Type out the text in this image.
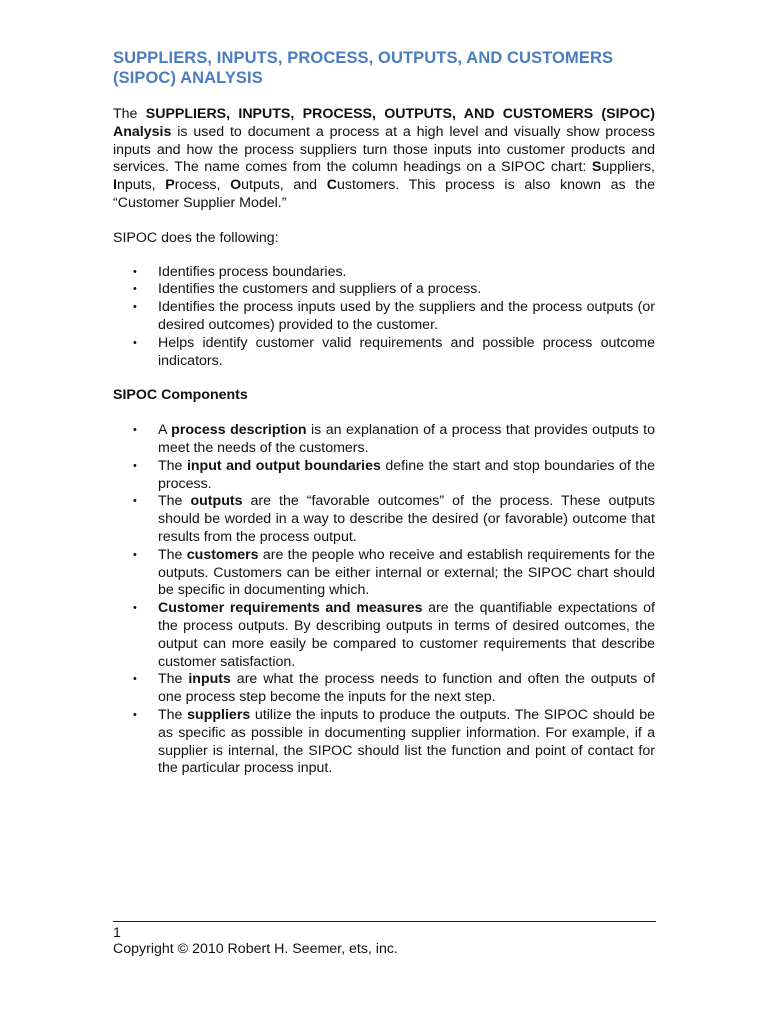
SUPPLIERS, INPUTS, PROCESS, OUTPUTS, AND CUSTOMERS (SIPOC) ANALYSIS

The SUPPLIERS, INPUTS, PROCESS, OUTPUTS, AND CUSTOMERS (SIPOC) Analysis is used to document a process at a high level and visually show process inputs and how the process suppliers turn those inputs into customer products and services. The name comes from the column headings on a SIPOC chart: Suppliers, Inputs, Process, Outputs, and Customers. This process is also known as the “Customer Supplier Model.”

SIPOC does the following:

• Identifies process boundaries.
• Identifies the customers and suppliers of a process.
• Identifies the process inputs used by the suppliers and the process outputs (or desired outcomes) provided to the customer.
• Helps identify customer valid requirements and possible process outcome indicators.

SIPOC Components

• A process description is an explanation of a process that provides outputs to meet the needs of the customers.
• The input and output boundaries define the start and stop boundaries of the process.
• The outputs are the “favorable outcomes” of the process. These outputs should be worded in a way to describe the desired (or favorable) outcome that results from the process output.
• The customers are the people who receive and establish requirements for the outputs. Customers can be either internal or external; the SIPOC chart should be specific in documenting which.
• Customer requirements and measures are the quantifiable expectations of the process outputs. By describing outputs in terms of desired outcomes, the output can more easily be compared to customer requirements that describe customer satisfaction.
• The inputs are what the process needs to function and often the outputs of one process step become the inputs for the next step.
• The suppliers utilize the inputs to produce the outputs. The SIPOC should be as specific as possible in documenting supplier information. For example, if a supplier is internal, the SIPOC should list the function and point of contact for the particular process input.
1
Copyright © 2010 Robert H. Seemer, ets, inc.
